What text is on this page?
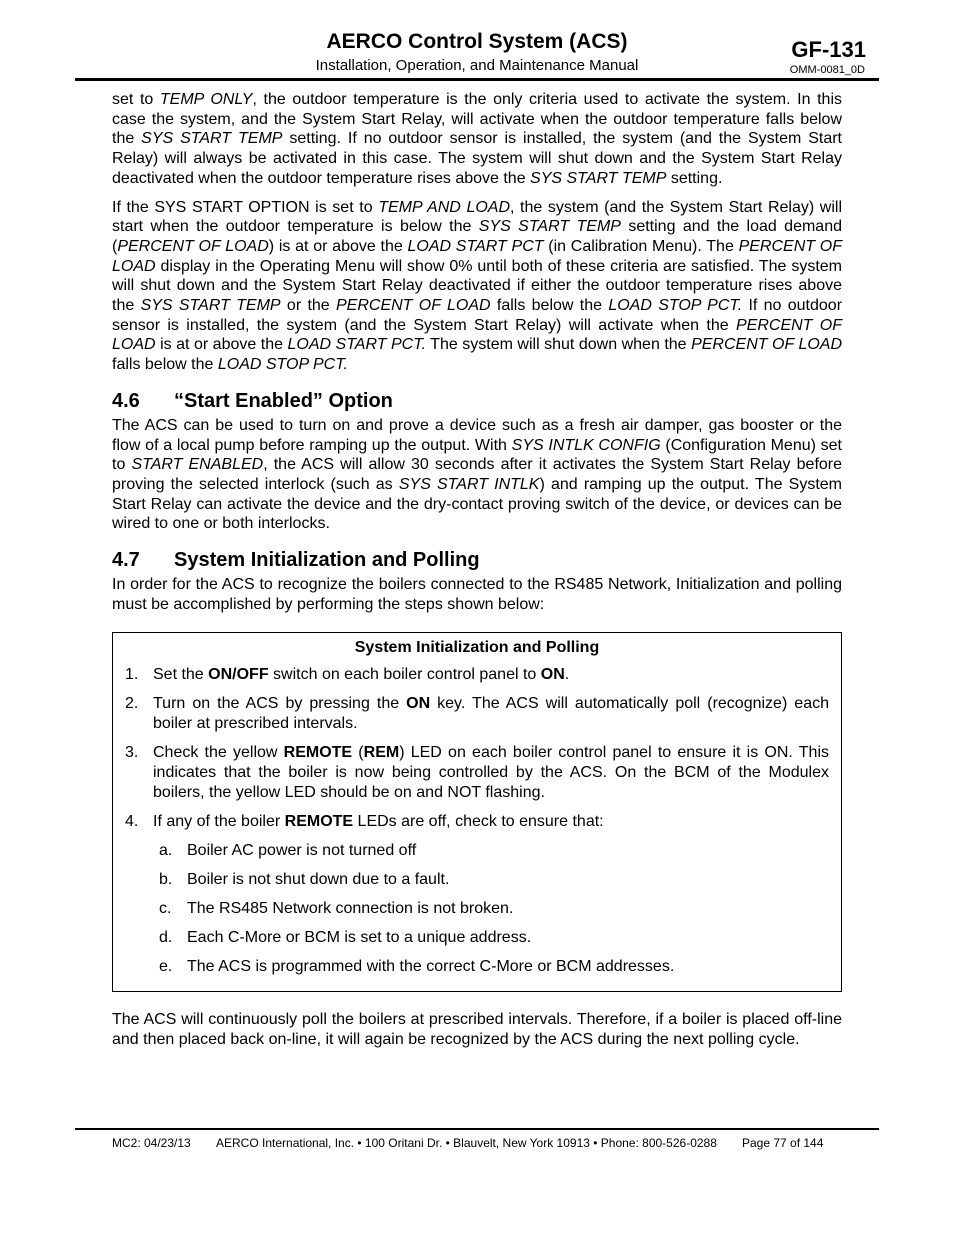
AERCO Control System (ACS)
Installation, Operation, and Maintenance Manual
GF-131
OMM-0081_0D

set to TEMP ONLY, the outdoor temperature is the only criteria used to activate the system. In this case the system, and the System Start Relay, will activate when the outdoor temperature falls below the SYS START TEMP setting. If no outdoor sensor is installed, the system (and the System Start Relay) will always be activated in this case. The system will shut down and the System Start Relay deactivated when the outdoor temperature rises above the SYS START TEMP setting.

If the SYS START OPTION is set to TEMP AND LOAD, the system (and the System Start Relay) will start when the outdoor temperature is below the SYS START TEMP setting and the load demand (PERCENT OF LOAD) is at or above the LOAD START PCT (in Calibration Menu). The PERCENT OF LOAD display in the Operating Menu will show 0% until both of these criteria are satisfied. The system will shut down and the System Start Relay deactivated if either the outdoor temperature rises above the SYS START TEMP or the PERCENT OF LOAD falls below the LOAD STOP PCT. If no outdoor sensor is installed, the system (and the System Start Relay) will activate when the PERCENT OF LOAD is at or above the LOAD START PCT. The system will shut down when the PERCENT OF LOAD falls below the LOAD STOP PCT.

4.6 “Start Enabled” Option

The ACS can be used to turn on and prove a device such as a fresh air damper, gas booster or the flow of a local pump before ramping up the output. With SYS INTLK CONFIG (Configuration Menu) set to START ENABLED, the ACS will allow 30 seconds after it activates the System Start Relay before proving the selected interlock (such as SYS START INTLK) and ramping up the output. The System Start Relay can activate the device and the dry-contact proving switch of the device, or devices can be wired to one or both interlocks.

4.7 System Initialization and Polling

In order for the ACS to recognize the boilers connected to the RS485 Network, Initialization and polling must be accomplished by performing the steps shown below:

System Initialization and Polling
1. Set the ON/OFF switch on each boiler control panel to ON.
2. Turn on the ACS by pressing the ON key. The ACS will automatically poll (recognize) each boiler at prescribed intervals.
3. Check the yellow REMOTE (REM) LED on each boiler control panel to ensure it is ON. This indicates that the boiler is now being controlled by the ACS. On the BCM of the Modulex boilers, the yellow LED should be on and NOT flashing.
4. If any of the boiler REMOTE LEDs are off, check to ensure that:
a. Boiler AC power is not turned off
b. Boiler is not shut down due to a fault.
c. The RS485 Network connection is not broken.
d. Each C-More or BCM is set to a unique address.
e. The ACS is programmed with the correct C-More or BCM addresses.

The ACS will continuously poll the boilers at prescribed intervals. Therefore, if a boiler is placed off-line and then placed back on-line, it will again be recognized by the ACS during the next polling cycle.

MC2: 04/23/13 AERCO International, Inc. • 100 Oritani Dr. • Blauvelt, New York 10913 • Phone: 800-526-0288 Page 77 of 144
